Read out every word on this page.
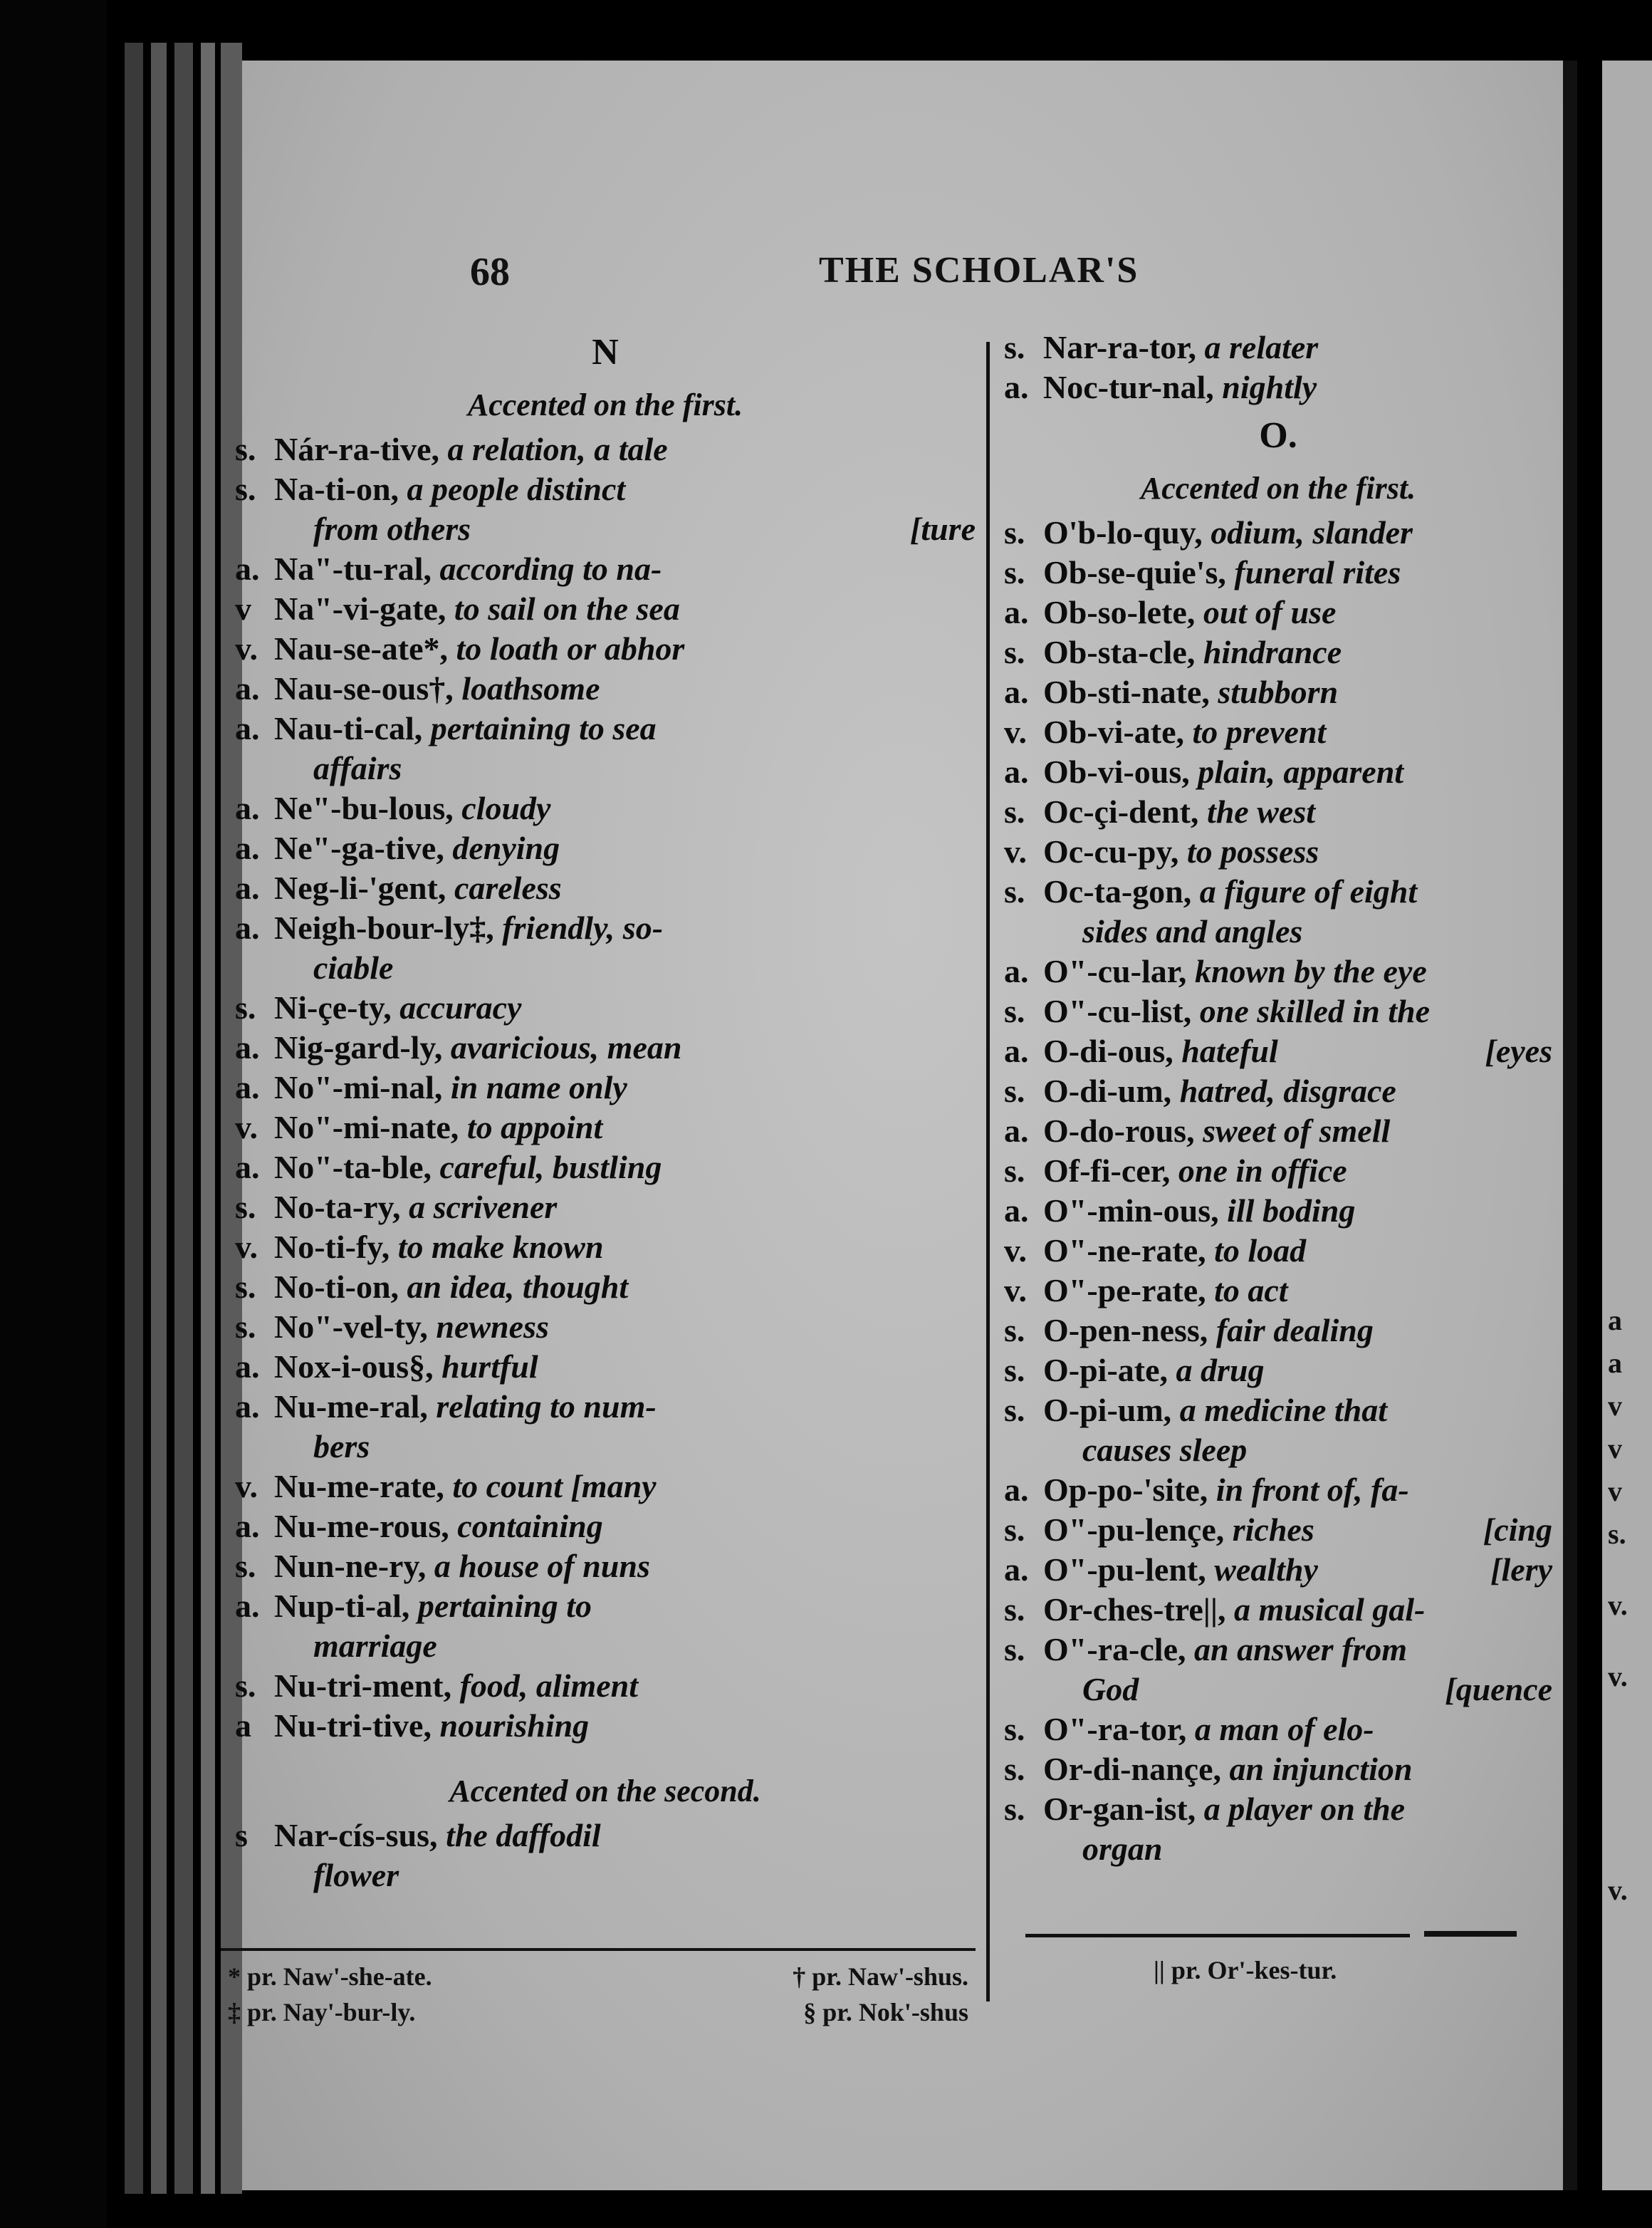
68	THE SCHOLAR'S
N
Accented on the first.
s. Nár-ra-tive, a relation, a tale
s. Na-ti-on, a people distinct
from others	[ture
a. Na"-tu-ral, according to na-
v Na"-vi-gate, to sail on the sea
v. Nau-se-ate*, to loath or abhor
a. Nau-se-ous†, loathsome
a. Nau-ti-cal, pertaining to sea
affairs
a. Ne"-bu-lous, cloudy
a. Ne"-ga-tive, denying
a. Neg-li-'gent, careless
a. Neigh-bour-ly‡, friendly, so-
ciable
s. Ni-çe-ty, accuracy
a. Nig-gard-ly, avaricious, mean
a. No"-mi-nal, in name only
v. No"-mi-nate, to appoint
a. No"-ta-ble, careful, bustling
s. No-ta-ry, a scrivener
v. No-ti-fy, to make known
s. No-ti-on, an idea, thought
s. No"-vel-ty, newness
a. Nox-i-ous§, hurtful
a. Nu-me-ral, relating to num-
bers
v. Nu-me-rate, to count [many
a. Nu-me-rous, containing
s. Nun-ne-ry, a house of nuns
a. Nup-ti-al, pertaining to
marriage
s. Nu-tri-ment, food, aliment
a Nu-tri-tive, nourishing
Accented on the second.
s Nar-cís-sus, the daffodil
flower
s. Nar-ra-tor, a relater
a. Noc-tur-nal, nightly
O.
Accented on the first.
s. O'b-lo-quy, odium, slander
s. Ob-se-quie's, funeral rites
a. Ob-so-lete, out of use
s. Ob-sta-cle, hindrance
a. Ob-sti-nate, stubborn
v. Ob-vi-ate, to prevent
a. Ob-vi-ous, plain, apparent
s. Oc-çi-dent, the west
v. Oc-cu-py, to possess
s. Oc-ta-gon, a figure of eight
sides and angles
a. O"-cu-lar, known by the eye
s. O"-cu-list, one skilled in the
a. O-di-ous, hateful	[eyes
s. O-di-um, hatred, disgrace
a. O-do-rous, sweet of smell
s. Of-fi-cer, one in office
a. O"-min-ous, ill boding
v. O"-ne-rate, to load
v. O"-pe-rate, to act
s. O-pen-ness, fair dealing
s. O-pi-ate, a drug
s. O-pi-um, a medicine that
causes sleep
a. Op-po-'site, in front of, fa-
s. O"-pu-lençe, riches	[cing
a. O"-pu-lent, wealthy	[lery
s. Or-ches-tre||, a musical gal-
s. O"-ra-cle, an answer from
God	[quence
s. O"-ra-tor, a man of elo-
s. Or-di-nançe, an injunction
s. Or-gan-ist, a player on the
organ
* pr. Naw'-she-ate.	† pr. Naw'-shus.
‡ pr. Nay'-bur-ly.	§ pr. Nok'-shus
|| pr. Or'-kes-tur.
a
a
v
v
v
s.
v.
v.
v.
